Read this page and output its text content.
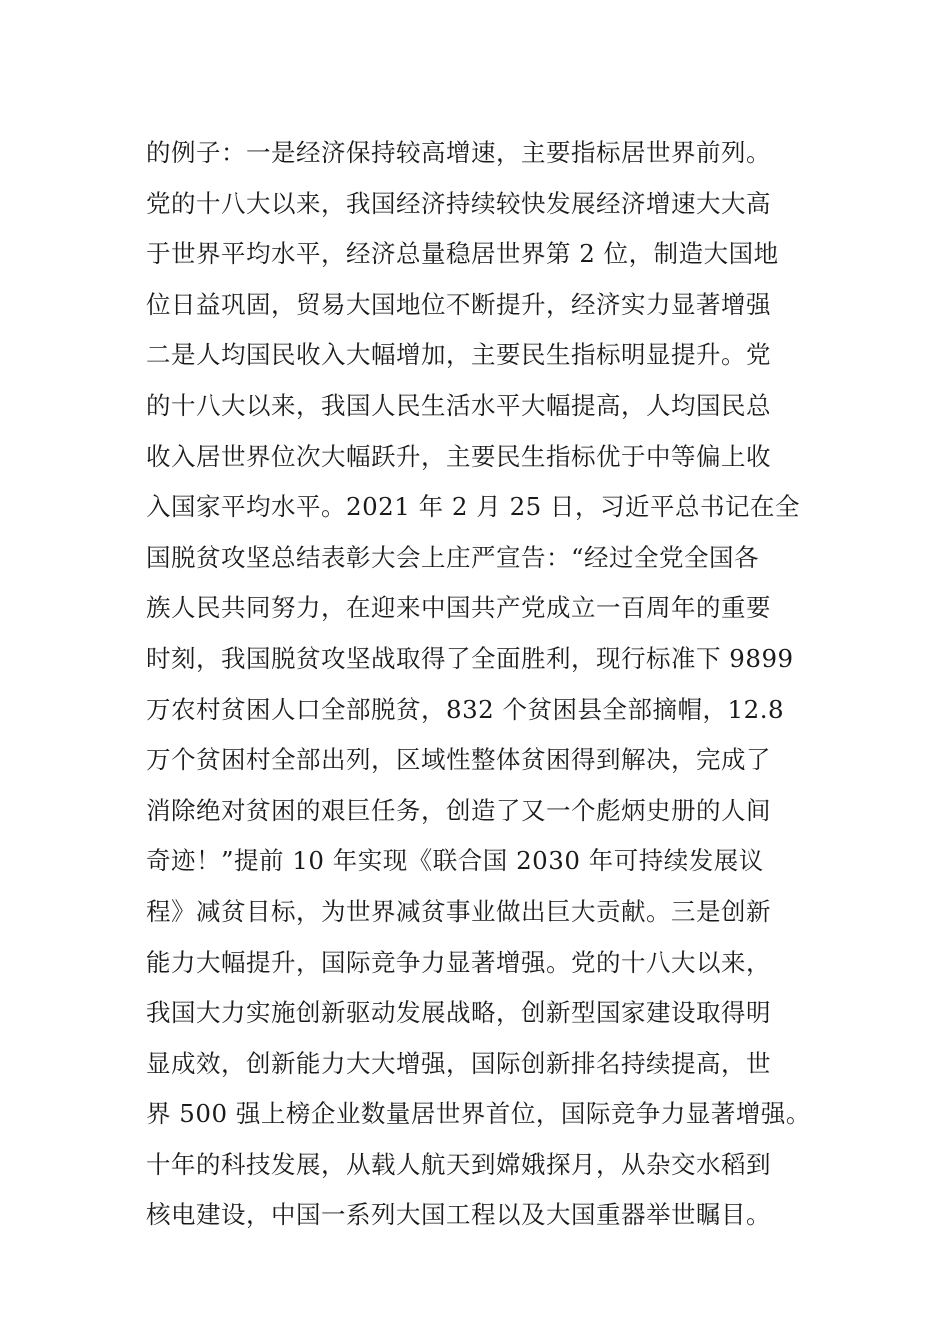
的例子：一是经济保持较高增速，主要指标居世界前列。
党的十八大以来，我国经济持续较快发展经济增速大大高
于世界平均水平，经济总量稳居世界第 2 位，制造大国地
位日益巩固，贸易大国地位不断提升，经济实力显著增强
二是人均国民收入大幅增加，主要民生指标明显提升。党
的十八大以来，我国人民生活水平大幅提高，人均国民总
收入居世界位次大幅跃升，主要民生指标优于中等偏上收
入国家平均水平。2021 年 2 月 25 日，习近平总书记在全
国脱贫攻坚总结表彰大会上庄严宣告：“经过全党全国各
族人民共同努力，在迎来中国共产党成立一百周年的重要
时刻，我国脱贫攻坚战取得了全面胜利，现行标准下 9899
万农村贫困人口全部脱贫，832 个贫困县全部摘帽，12.8
万个贫困村全部出列，区域性整体贫困得到解决，完成了
消除绝对贫困的艰巨任务，创造了又一个彪炳史册的人间
奇迹！”提前 10 年实现《联合国 2030 年可持续发展议
程》减贫目标，为世界减贫事业做出巨大贡献。三是创新
能力大幅提升，国际竞争力显著增强。党的十八大以来，
我国大力实施创新驱动发展战略，创新型国家建设取得明
显成效，创新能力大大增强，国际创新排名持续提高，世
界 500 强上榜企业数量居世界首位，国际竞争力显著增强。
十年的科技发展，从载人航天到嫦娥探月，从杂交水稻到
核电建设，中国一系列大国工程以及大国重器举世瞩目。
